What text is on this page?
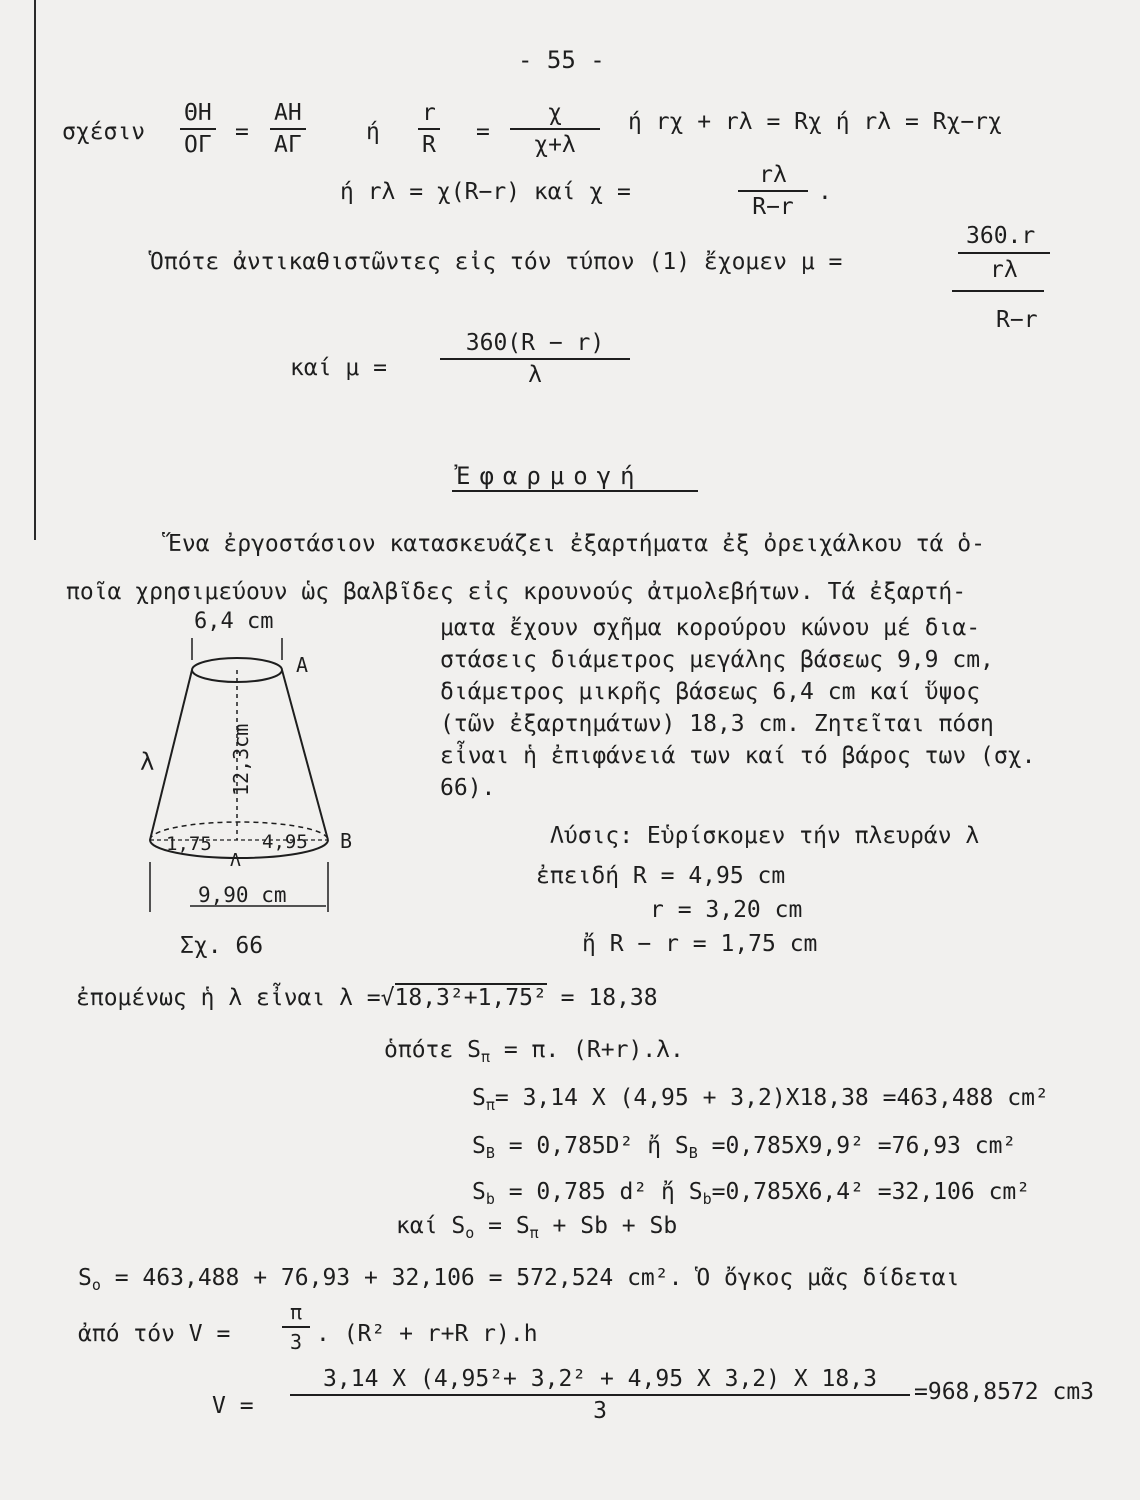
- 55 -
σχέσιν $\frac{\Theta H}{O\Gamma} = \frac{AH}{A\Gamma}$	ή $\frac{r}{R} = \frac{\chi}{\chi+\lambda}$ ή rχ + rλ = Rχ ή rλ = Rχ−rχ
ή rλ = χ(R−r) καί χ =	$\frac{r\lambda}{R-r}$ .
Ὁπότε ἀντικαθιστῶντες εἰς τόν τύπον (1) ἔχομεν μ =
360.r
rλ
R−r
καί $\mu = \frac{360(R - r)}{\lambda}$
Ἐφαρμογή
Ἕνα ἐργοστάσιον κατασκευάζει ἐξαρτήματα ἐξ ὀρειχάλκου τά ὁ-
ποῖα χρησιμεύουν ὡς βαλβῖδες εἰς κρουνούς ἀτμολεβήτων. Τά ἐξαρτή-
ματα ἔχουν σχῆμα κορούρου κώνου μέ δια-
στάσεις διάμετρος μεγάλης βάσεως 9,9 cm,
διάμετρος μικρῆς βάσεως 6,4 cm καί ὕψος
(τῶν ἐξαρτημάτων) 18,3 cm. Ζητεῖται πόση
εἶναι ἡ ἐπιφάνειά των καί τό βάρος των (σχ.
66).
6,4 cm
Α
Β
λ
Λ
12,3cm
1,75	4,95
9,90 cm
Σχ. 66
Λύσις: Εὑρίσκομεν τήν πλευράν λ
ἐπειδή R = 4,95 cm
r = 3,20 cm
ἤ R − r = 1,75 cm
ἐπομένως ἡ λ εἶναι λ =√18,3²+1,75² = 18,38
ὁπότε $S_\pi = \pi$. (R+r).λ.
$S_\pi= 3,14$ X (4,95 + 3,2)X18,38 =463,488 cm²
$S_B = 0,785D^2$ ἤ $S_B =0,785X9,9^2 =76,93$ cm²
$S_b = 0,785$ d² ἤ $S_b=0,785X6,4^2 =32,106$ cm²
καί $S_o = S_\pi + Sb + Sb$
$S_o = 463,488 + 76,93 + 32,106 = 572,524$ cm². Ὁ ὄγκος μᾶς δίδεται
ἀπό τόν V =	$\frac{\pi}{3}$ . (R² + r+R r).h
$V = \frac{\text{3,14 X (4,95²+ 3,2² + 4,95 X 3,2) X 18,3}}{3} =968,8572$ cm3
